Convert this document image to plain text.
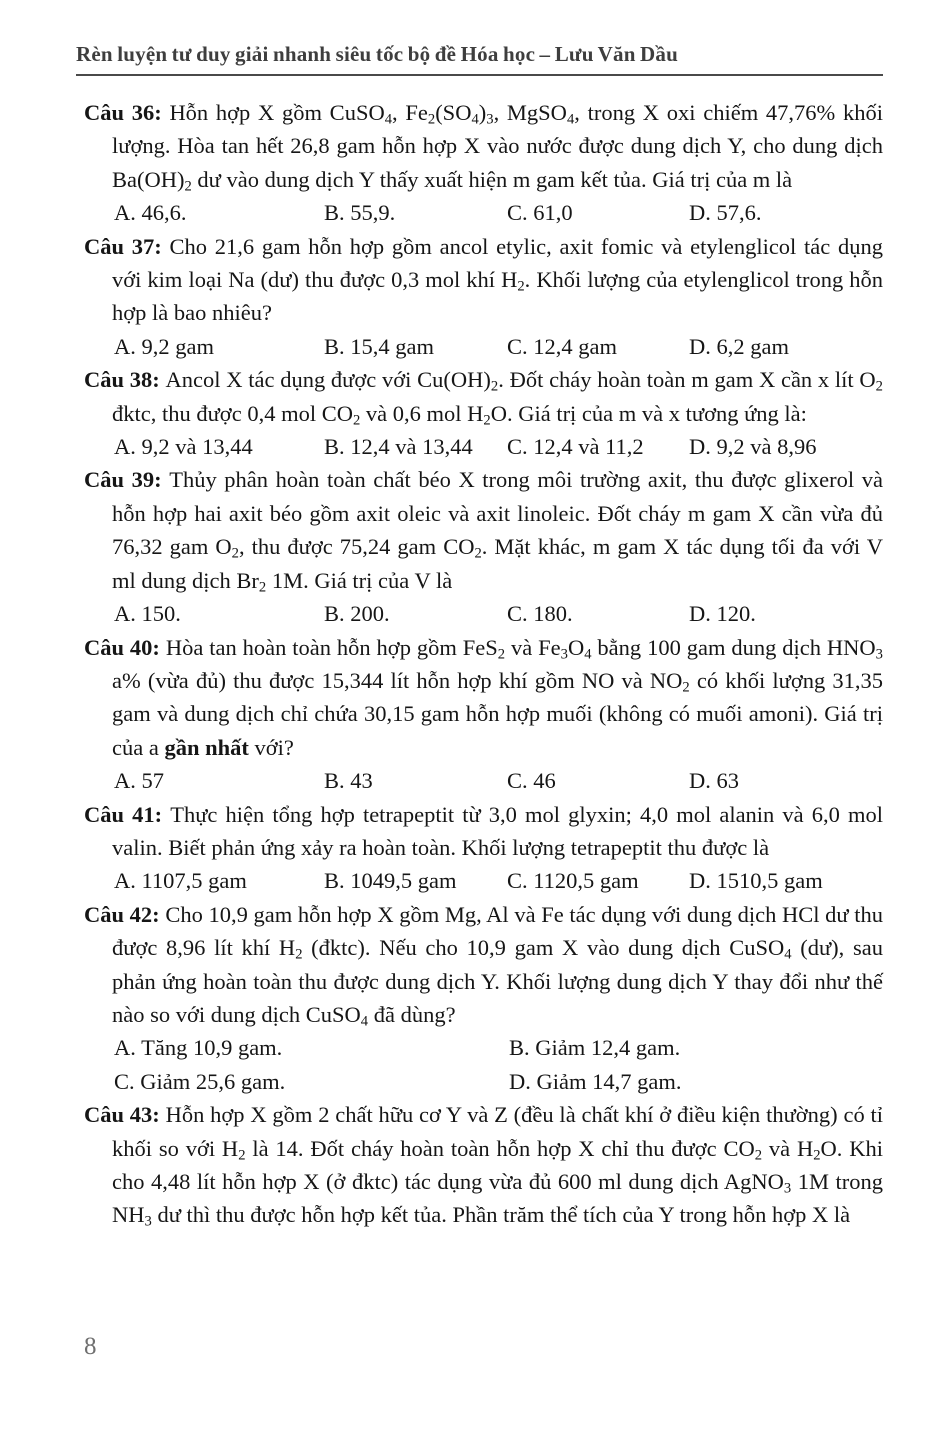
Rèn luyện tư duy giải nhanh siêu tốc bộ đề Hóa học – Lưu Văn Dầu

Câu 36: Hỗn hợp X gồm CuSO$_4$, $Fe_2(SO_4)_3$, MgSO$_4$, trong X oxi chiếm 47,76% khối lượng. Hòa tan hết 26,8 gam hỗn hợp X vào nước được dung dịch Y, cho dung dịch $Ba(OH)_2$ dư vào dung dịch Y thấy xuất hiện m gam kết tủa. Giá trị của m là

A. 46,6.	B. 55,9.	C. 61,0	D. 57,6.

Câu 37: Cho 21,6 gam hỗn hợp gồm ancol etylic, axit fomic và etylenglicol tác dụng với kim loại Na (dư) thu được 0,3 mol khí $H_2$. Khối lượng của etylenglicol trong hỗn hợp là bao nhiêu?

A. 9,2 gam	B. 15,4 gam	C. 12,4 gam	D. 6,2 gam

Câu 38: Ancol X tác dụng được với $Cu(OH)_2$. Đốt cháy hoàn toàn m gam X cần x lít $O_2$ đktc, thu được 0,4 mol $CO_2$ và 0,6 mol $H_2O$. Giá trị của m và x tương ứng là:

A. 9,2 và 13,44	B. 12,4 và 13,44	C. 12,4 và 11,2	D. 9,2 và 8,96

Câu 39: Thủy phân hoàn toàn chất béo X trong môi trường axit, thu được glixerol và hỗn hợp hai axit béo gồm axit oleic và axit linoleic. Đốt cháy m gam X cần vừa đủ 76,32 gam $O_2$, thu được 75,24 gam $CO_2$. Mặt khác, m gam X tác dụng tối đa với V ml dung dịch $Br_2$ 1M. Giá trị của V là

A. 150.	B. 200.	C. 180.	D. 120.

Câu 40: Hòa tan hoàn toàn hỗn hợp gồm FeS$_2$ và $Fe_3O_4$ bằng 100 gam dung dịch $HNO_3$ a% (vừa đủ) thu được 15,344 lít hỗn hợp khí gồm NO và $NO_2$ có khối lượng 31,35 gam và dung dịch chỉ chứa 30,15 gam hỗn hợp muối (không có muối amoni). Giá trị của a gần nhất với?

A. 57	B. 43	C. 46	D. 63

Câu 41: Thực hiện tổng hợp tetrapeptit từ 3,0 mol glyxin; 4,0 mol alanin và 6,0 mol valin. Biết phản ứng xảy ra hoàn toàn. Khối lượng tetrapeptit thu được là

A. 1107,5 gam	B. 1049,5 gam	C. 1120,5 gam	D. 1510,5 gam

Câu 42: Cho 10,9 gam hỗn hợp X gồm Mg, Al và Fe tác dụng với dung dịch HCl dư thu được 8,96 lít khí $H_2$ (đktc). Nếu cho 10,9 gam X vào dung dịch CuSO$_4$ (dư), sau phản ứng hoàn toàn thu được dung dịch Y. Khối lượng dung dịch Y thay đổi như thế nào so với dung dịch CuSO$_4$ đã dùng?

A. Tăng 10,9 gam.	B. Giảm 12,4 gam.
C. Giảm 25,6 gam.	D. Giảm 14,7 gam.

Câu 43: Hỗn hợp X gồm 2 chất hữu cơ Y và Z (đều là chất khí ở điều kiện thường) có tỉ khối so với $H_2$ là 14. Đốt cháy hoàn toàn hỗn hợp X chỉ thu được $CO_2$ và $H_2O$. Khi cho 4,48 lít hỗn hợp X (ở đktc) tác dụng vừa đủ 600 ml dung dịch AgNO$_3$ 1M trong $NH_3$ dư thì thu được hỗn hợp kết tủa. Phần trăm thể tích của Y trong hỗn hợp X là

8
